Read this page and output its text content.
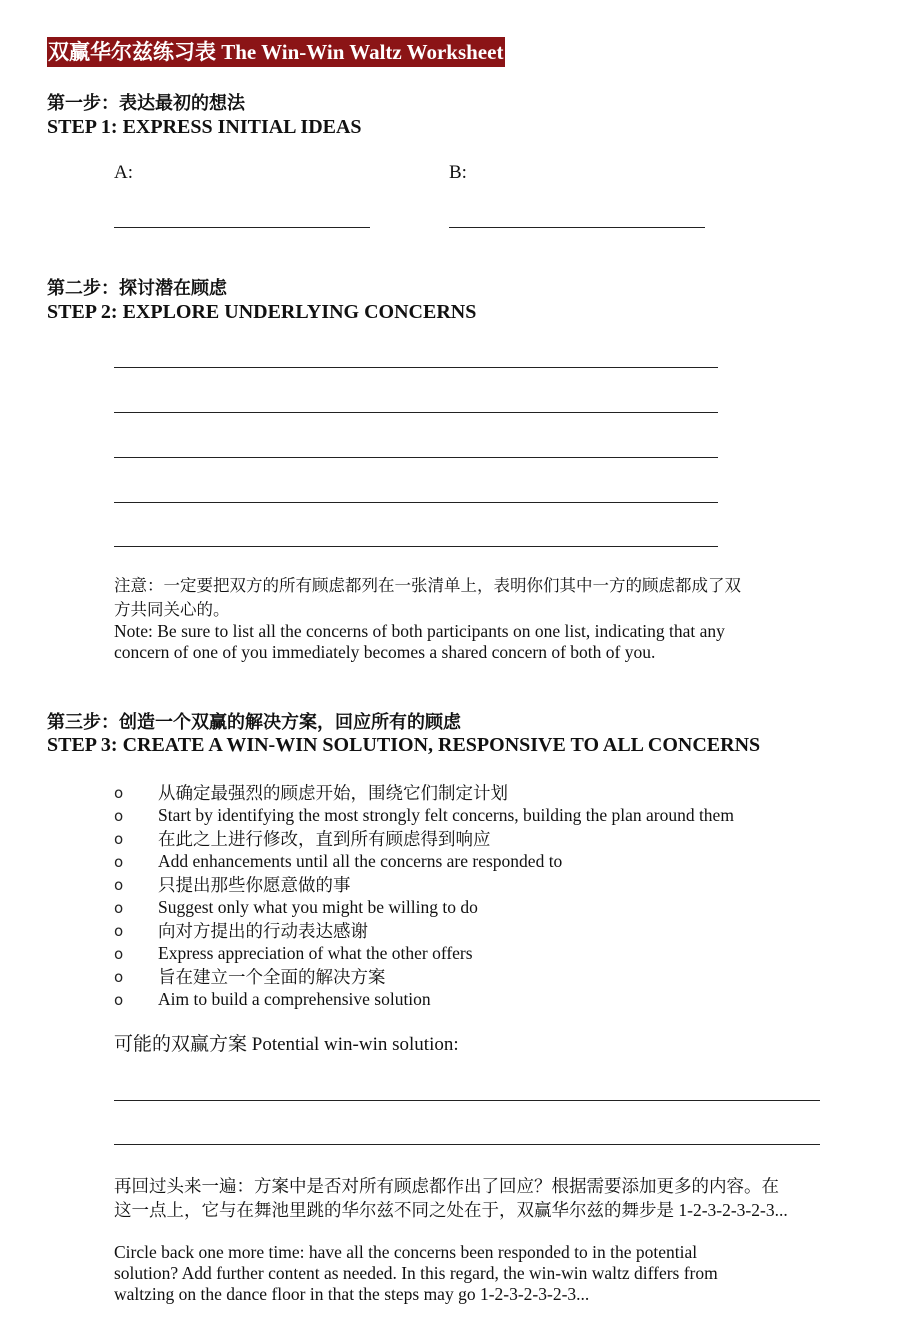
双赢华尔兹练习表 The Win-Win Waltz Worksheet
第一步：表达最初的想法
STEP 1: EXPRESS INITIAL IDEAS
A:	B:
第二步：探讨潜在顾虑
STEP 2: EXPLORE UNDERLYING CONCERNS
注意：一定要把双方的所有顾虑都列在一张清单上，表明你们其中一方的顾虑都成了双
方共同关心的。
Note: Be sure to list all the concerns of both participants on one list, indicating that any
concern of one of you immediately becomes a shared concern of both of you.
第三步：创造一个双赢的解决方案，回应所有的顾虑
STEP 3: CREATE A WIN-WIN SOLUTION, RESPONSIVE TO ALL CONCERNS
o	从确定最强烈的顾虑开始，围绕它们制定计划
o	Start by identifying the most strongly felt concerns, building the plan around them
o	在此之上进行修改，直到所有顾虑得到响应
o	Add enhancements until all the concerns are responded to
o	只提出那些你愿意做的事
o	Suggest only what you might be willing to do
o	向对方提出的行动表达感谢
o	Express appreciation of what the other offers
o	旨在建立一个全面的解决方案
o	Aim to build a comprehensive solution
可能的双赢方案 Potential win-win solution:
再回过头来一遍：方案中是否对所有顾虑都作出了回应？根据需要添加更多的内容。在
这一点上，它与在舞池里跳的华尔兹不同之处在于，双赢华尔兹的舞步是 1-2-3-2-3-2-3...
Circle back one more time: have all the concerns been responded to in the potential
solution? Add further content as needed. In this regard, the win-win waltz differs from
waltzing on the dance floor in that the steps may go 1-2-3-2-3-2-3...
